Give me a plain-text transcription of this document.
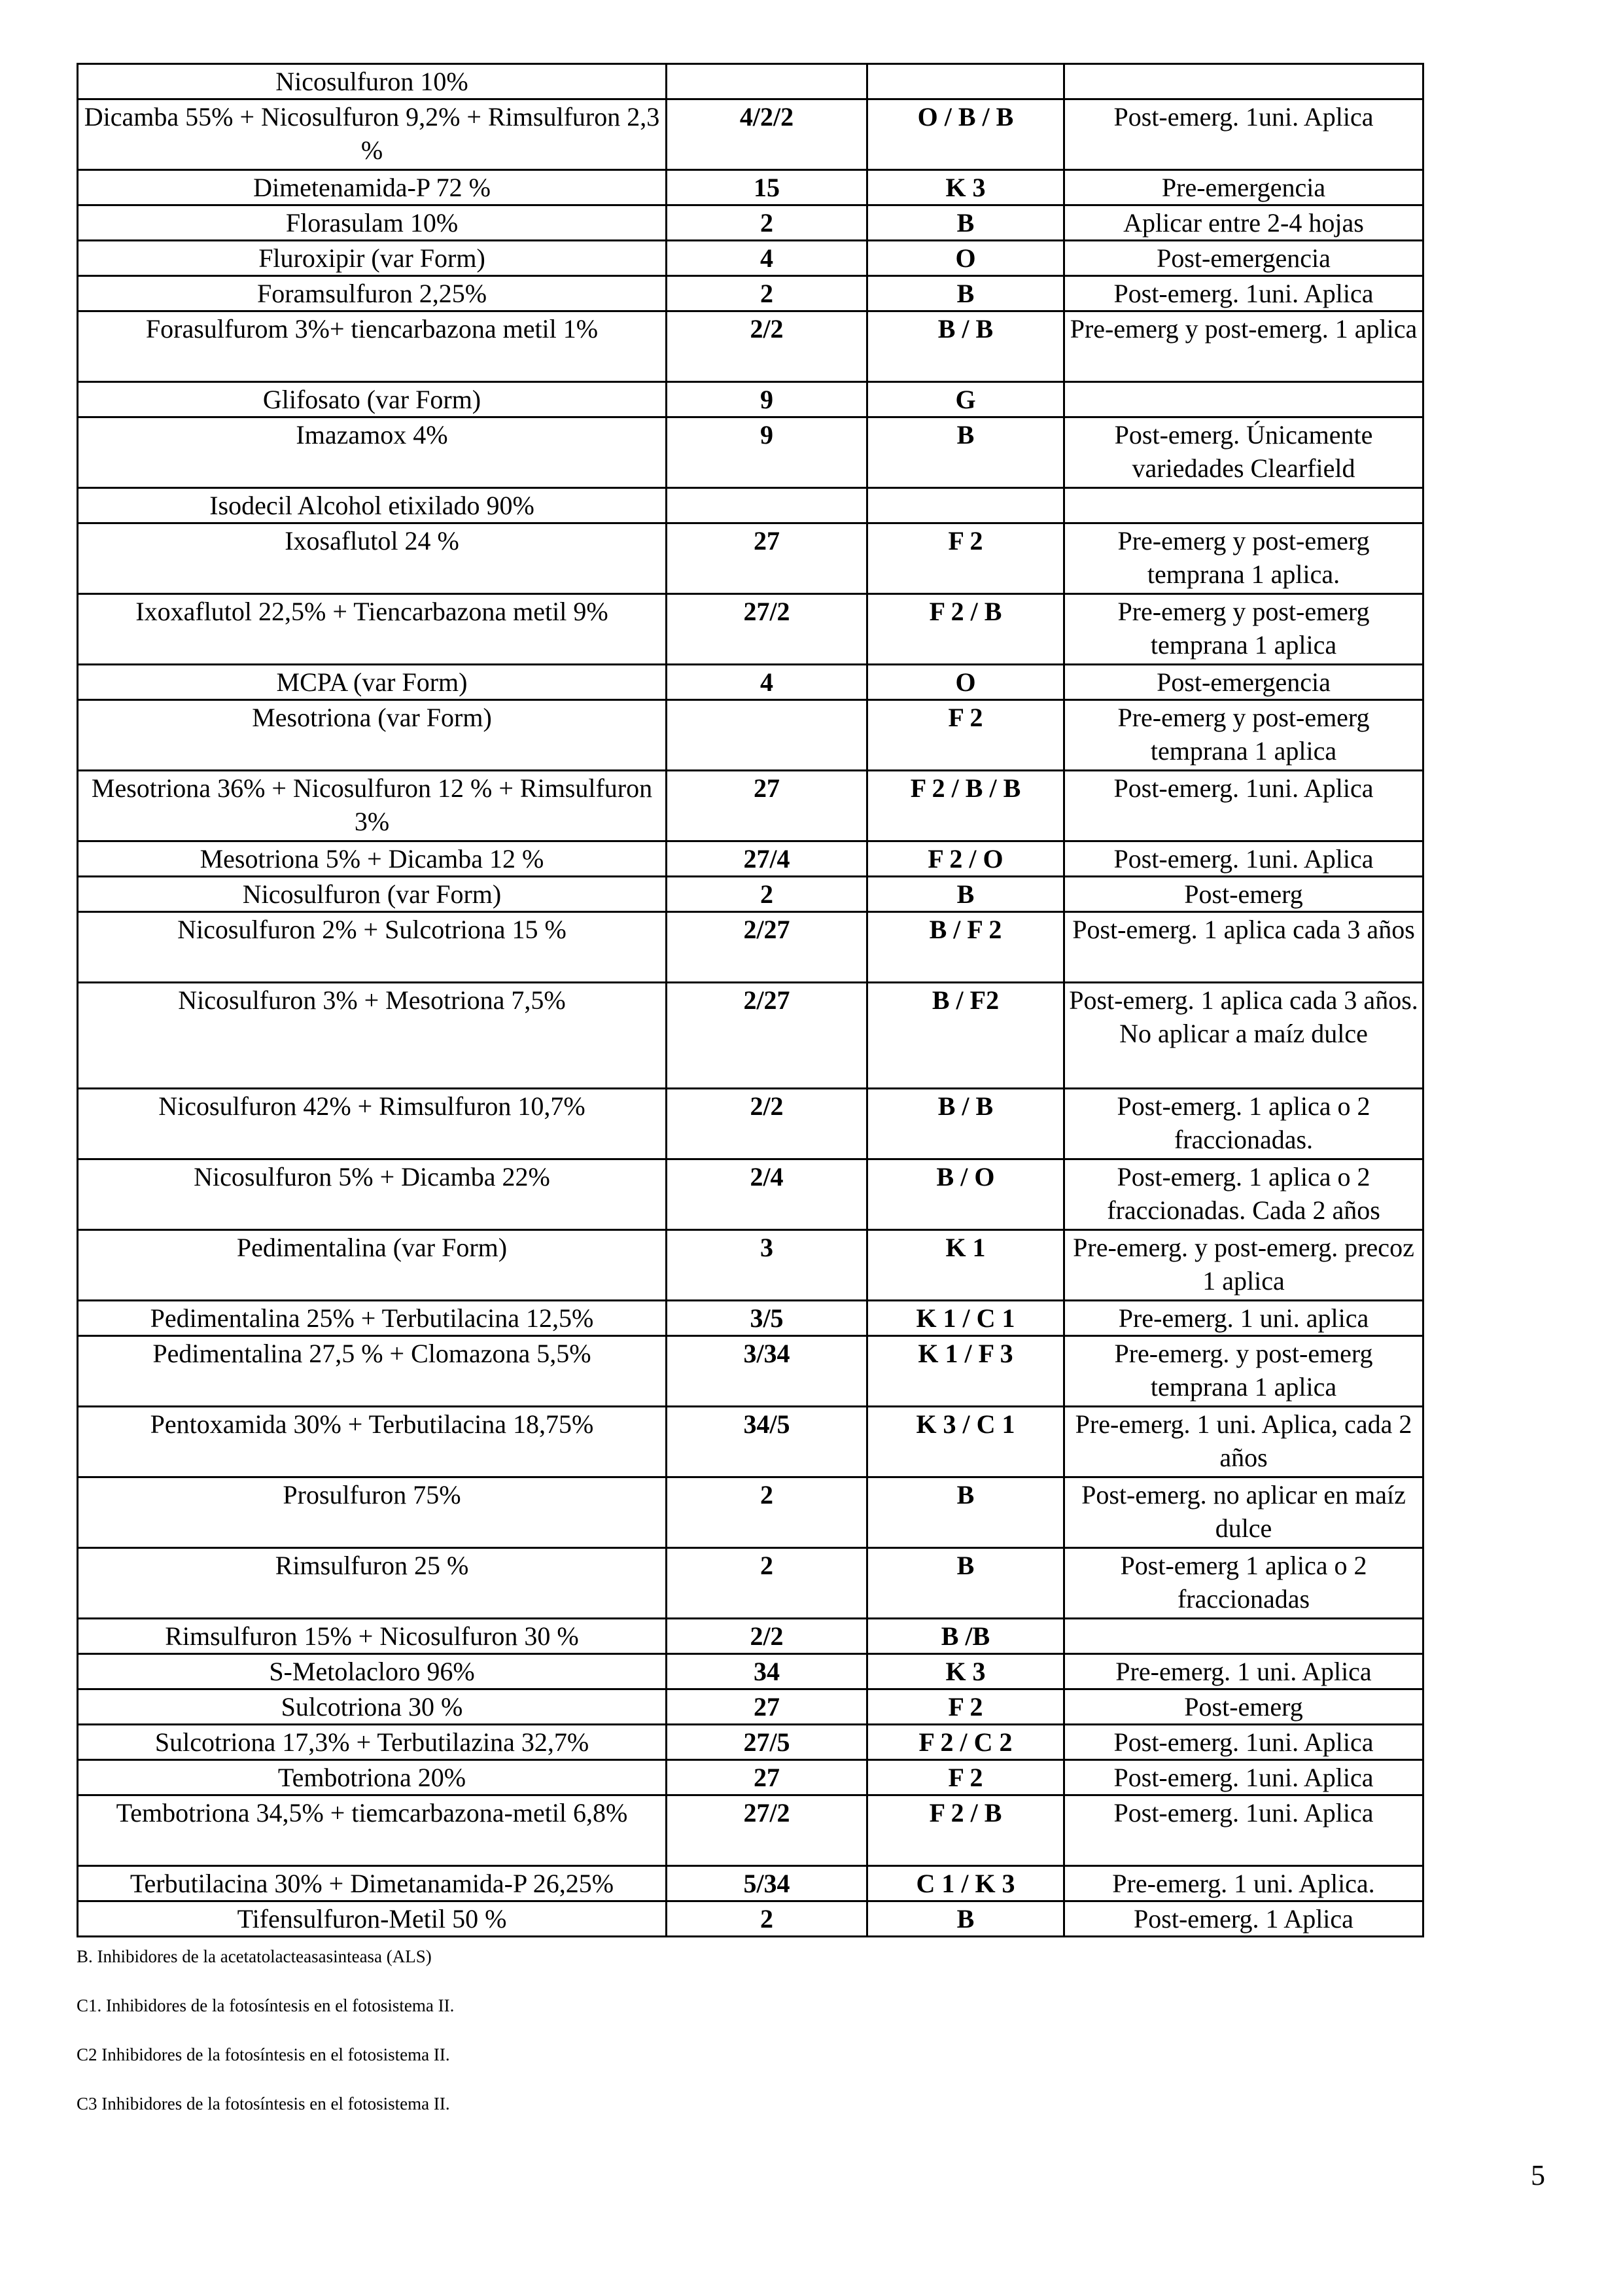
Nicosulfuron 10%			
Dicamba 55% + Nicosulfuron 9,2% + Rimsulfuron 2,3 %	4/2/2	O / B / B	Post-emerg. 1uni. Aplica
Dimetenamida-P 72 %	15	K 3	Pre-emergencia
Florasulam 10%	2	B	Aplicar entre 2-4 hojas
Fluroxipir (var Form)	4	O	Post-emergencia
Foramsulfuron 2,25%	2	B	Post-emerg. 1uni. Aplica
Forasulfurom 3%+ tiencarbazona metil 1%	2/2	B / B	Pre-emerg y post-emerg. 1 aplica
Glifosato (var Form)	9	G	
Imazamox 4%	9	B	Post-emerg. Únicamente variedades Clearfield
Isodecil Alcohol etixilado 90%			
Ixosaflutol 24 %	27	F 2	Pre-emerg y post-emerg temprana 1 aplica.
Ixoxaflutol 22,5% + Tiencarbazona metil 9%	27/2	F 2 / B	Pre-emerg y post-emerg temprana 1 aplica
MCPA (var Form)	4	O	Post-emergencia
Mesotriona (var Form)		F 2	Pre-emerg y post-emerg temprana 1 aplica
Mesotriona 36% + Nicosulfuron 12 % + Rimsulfuron 3%	27	F 2 / B / B	Post-emerg. 1uni. Aplica
Mesotriona 5% + Dicamba 12 %	27/4	F 2 / O	Post-emerg. 1uni. Aplica
Nicosulfuron (var Form)	2	B	Post-emerg
Nicosulfuron 2% + Sulcotriona 15 %	2/27	B / F 2	Post-emerg. 1 aplica cada 3 años
Nicosulfuron 3% + Mesotriona 7,5%	2/27	B / F2	Post-emerg. 1 aplica cada 3 años. No aplicar a maíz dulce
Nicosulfuron 42% + Rimsulfuron 10,7%	2/2	B / B	Post-emerg. 1 aplica o 2 fraccionadas.
Nicosulfuron 5% + Dicamba 22%	2/4	B / O	Post-emerg. 1 aplica o 2 fraccionadas. Cada 2 años
Pedimentalina (var Form)	3	K 1	Pre-emerg. y post-emerg. precoz 1 aplica
Pedimentalina 25% + Terbutilacina 12,5%	3/5	K 1 / C 1	Pre-emerg. 1 uni. aplica
Pedimentalina 27,5 % + Clomazona 5,5%	3/34	K 1 / F 3	Pre-emerg. y post-emerg temprana 1 aplica
Pentoxamida 30% + Terbutilacina 18,75%	34/5	K 3 / C 1	Pre-emerg. 1 uni. Aplica, cada 2 años
Prosulfuron 75%	2	B	Post-emerg. no aplicar en maíz dulce
Rimsulfuron 25 %	2	B	Post-emerg 1 aplica o 2 fraccionadas
Rimsulfuron 15% + Nicosulfuron 30 %	2/2	B /B	
S-Metolacloro 96%	34	K 3	Pre-emerg. 1 uni. Aplica
Sulcotriona 30 %	27	F 2	Post-emerg
Sulcotriona 17,3% + Terbutilazina 32,7%	27/5	F 2 / C 2	Post-emerg. 1uni. Aplica
Tembotriona 20%	27	F 2	Post-emerg. 1uni. Aplica
Tembotriona 34,5% + tiemcarbazona-metil 6,8%	27/2	F 2 / B	Post-emerg. 1uni. Aplica
Terbutilacina 30% + Dimetanamida-P 26,25%	5/34	C 1 / K 3	Pre-emerg. 1 uni. Aplica.
Tifensulfuron-Metil 50 %	2	B	Post-emerg. 1 Aplica
B. Inhibidores de la acetatolacteasasinteasa (ALS)
C1. Inhibidores de la fotosíntesis en el fotosistema II.
C2 Inhibidores de la fotosíntesis en el fotosistema II.
C3 Inhibidores de la fotosíntesis en el fotosistema II.
5
